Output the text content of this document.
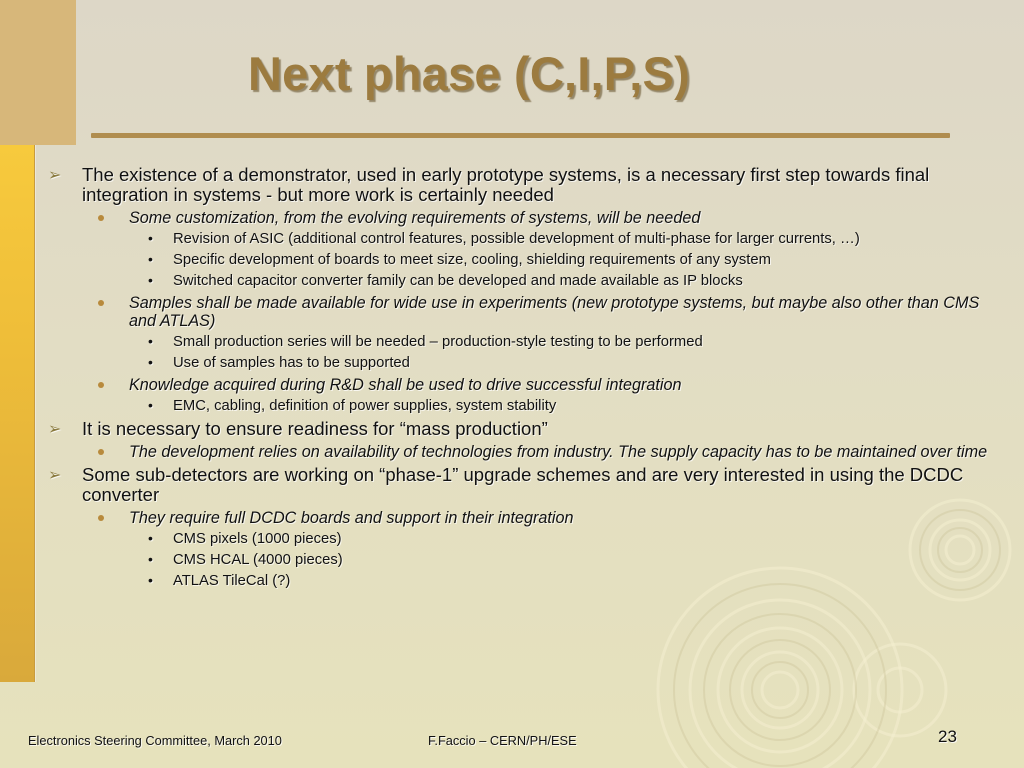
Next phase (C,I,P,S)
➢ The existence of a demonstrator, used in early prototype systems, is a necessary first step towards final integration in systems - but more work is certainly needed
Some customization, from the evolving requirements of systems, will be needed
• Revision of ASIC (additional control features, possible development of multi-phase for larger currents, …)
• Specific development of boards to meet size, cooling, shielding requirements of any system
• Switched capacitor converter family can be developed and made available as IP blocks
Samples shall be made available for wide use in experiments (new prototype systems, but maybe also other than CMS and ATLAS)
• Small production series will be needed – production-style testing to be performed
• Use of samples has to be supported
Knowledge acquired during R&D shall be used to drive successful integration
• EMC, cabling, definition of power supplies, system stability
➢ It is necessary to ensure readiness for “mass production”
The development relies on availability of technologies from industry. The supply capacity has to be maintained over time
➢ Some sub-detectors are working on “phase-1” upgrade schemes and are very interested in using the DCDC converter
They require full DCDC boards and support in their integration
• CMS pixels (1000 pieces)
• CMS HCAL (4000 pieces)
• ATLAS TileCal (?)
Electronics Steering Committee, March 2010	F.Faccio – CERN/PH/ESE	23
